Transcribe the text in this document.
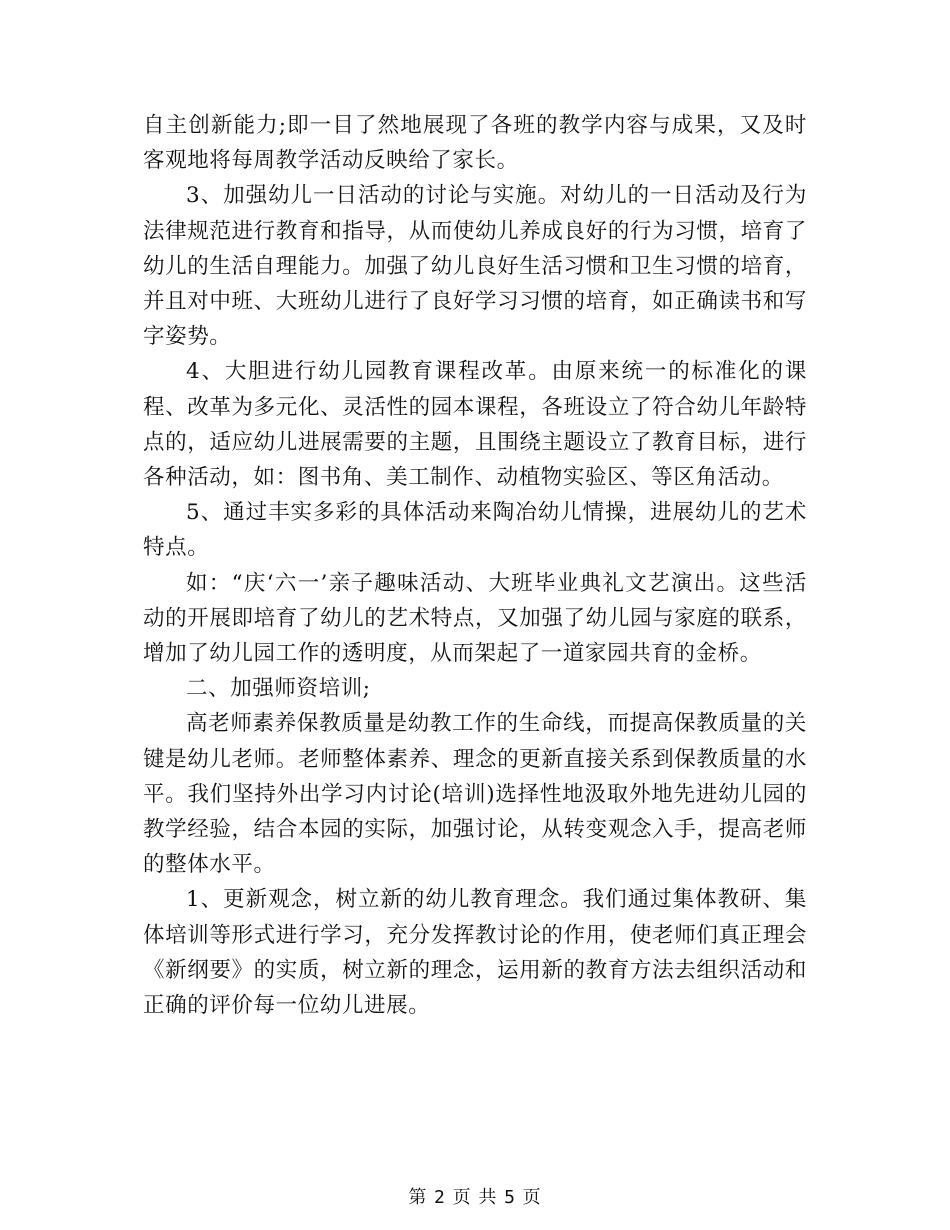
自主创新能力;即一目了然地展现了各班的教学内容与成果，又及时客观地将每周教学活动反映给了家长。

3、加强幼儿一日活动的讨论与实施。对幼儿的一日活动及行为法律规范进行教育和指导，从而使幼儿养成良好的行为习惯，培育了幼儿的生活自理能力。加强了幼儿良好生活习惯和卫生习惯的培育，并且对中班、大班幼儿进行了良好学习习惯的培育，如正确读书和写字姿势。

4、大胆进行幼儿园教育课程改革。由原来统一的标准化的课程、改革为多元化、灵活性的园本课程，各班设立了符合幼儿年龄特点的，适应幼儿进展需要的主题，且围绕主题设立了教育目标，进行各种活动，如：图书角、美工制作、动植物实验区、等区角活动。

5、通过丰实多彩的具体活动来陶冶幼儿情操，进展幼儿的艺术特点。

如：“庆‘六一’亲子趣味活动、大班毕业典礼文艺演出。这些活动的开展即培育了幼儿的艺术特点，又加强了幼儿园与家庭的联系，增加了幼儿园工作的透明度，从而架起了一道家园共育的金桥。

二、加强师资培训;

高老师素养保教质量是幼教工作的生命线，而提高保教质量的关键是幼儿老师。老师整体素养、理念的更新直接关系到保教质量的水平。我们坚持外出学习内讨论(培训)选择性地汲取外地先进幼儿园的教学经验，结合本园的实际，加强讨论，从转变观念入手，提高老师的整体水平。

1、更新观念，树立新的幼儿教育理念。我们通过集体教研、集体培训等形式进行学习，充分发挥教讨论的作用，使老师们真正理会《新纲要》的实质，树立新的理念，运用新的教育方法去组织活动和正确的评价每一位幼儿进展。

第 2 页 共 5 页
